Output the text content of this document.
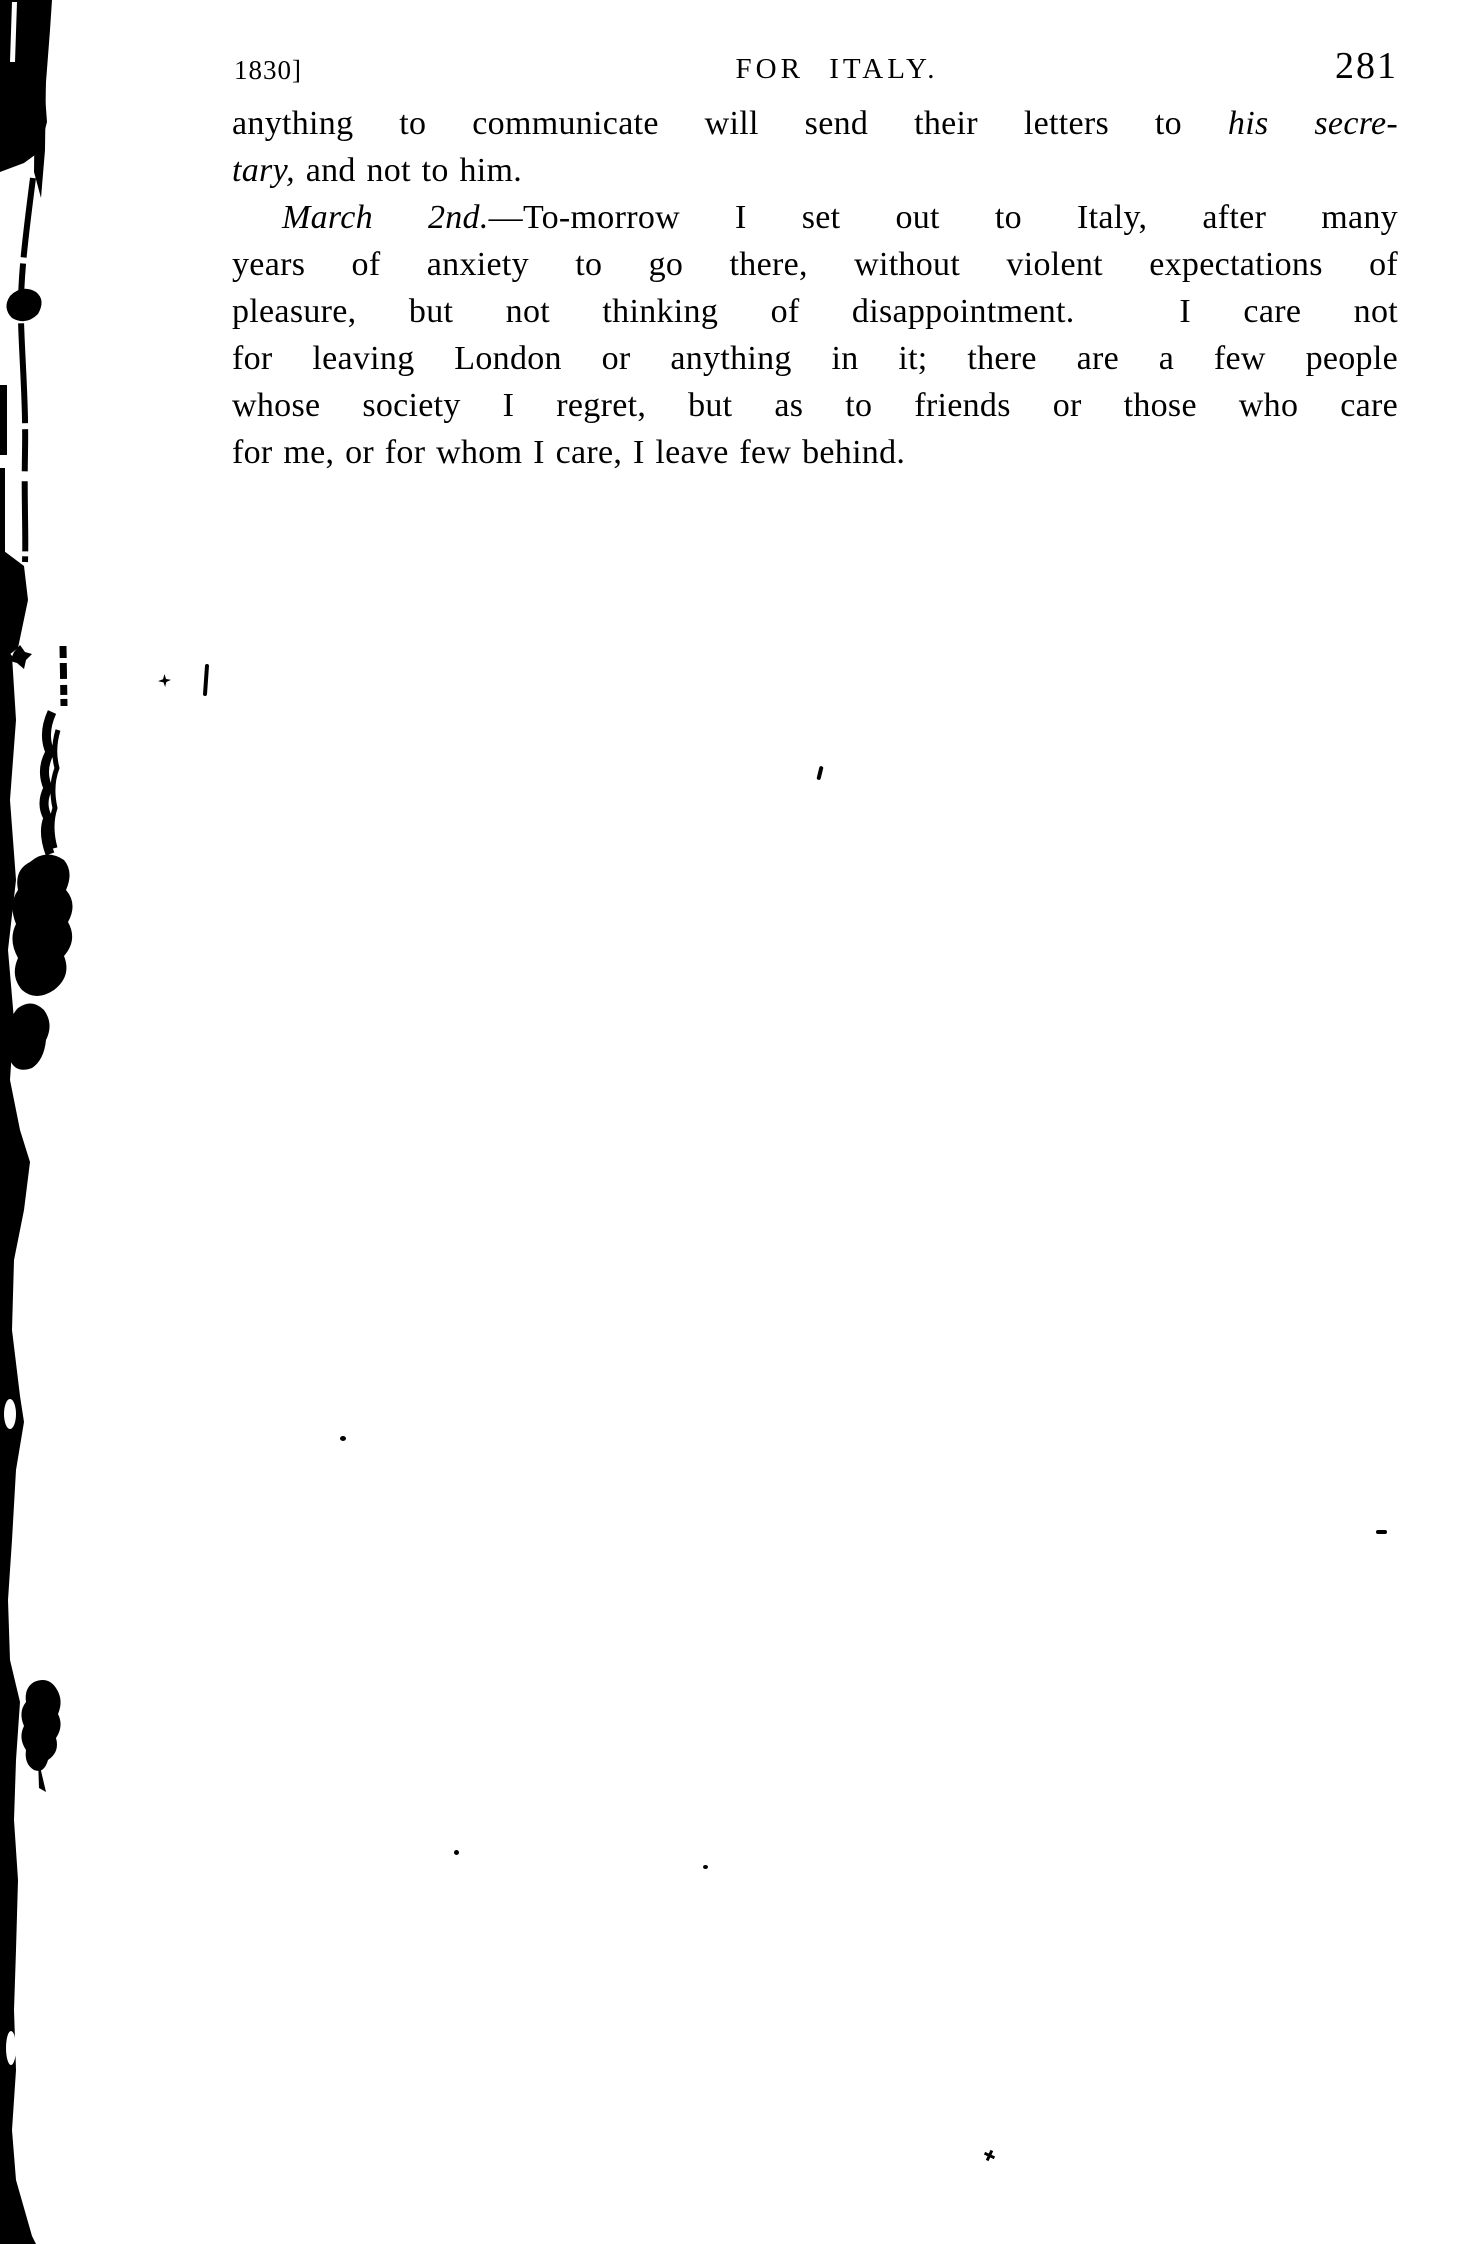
1830]	FOR ITALY.	281

anything to communicate will send their letters to his secre-
tary, and not to him.

March 2nd.—To-morrow I set out to Italy, after many
years of anxiety to go there, without violent expectations of
pleasure, but not thinking of disappointment.  I care not
for leaving London or anything in it; there are a few people
whose society I regret, but as to friends or those who care
for me, or for whom I care, I leave few behind.
